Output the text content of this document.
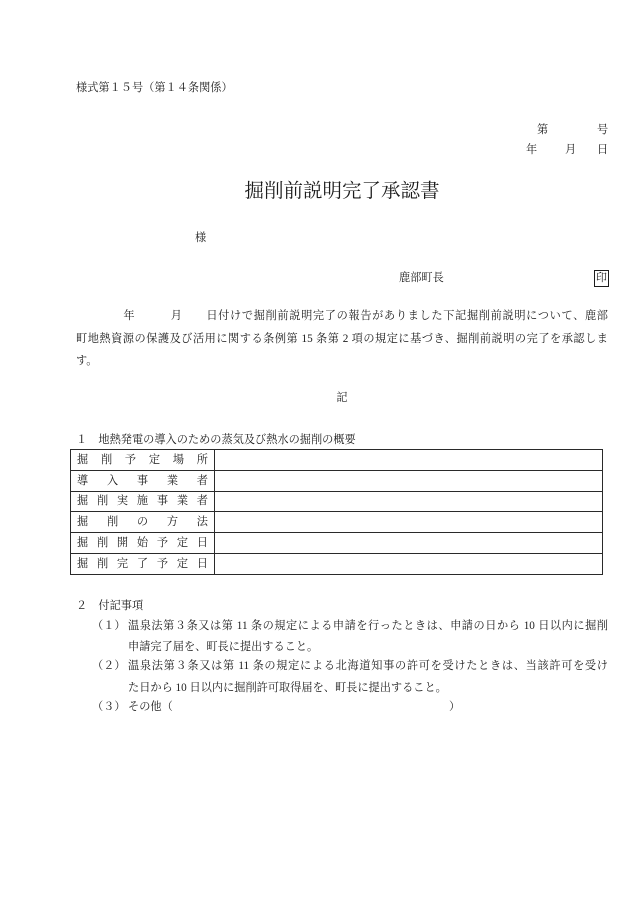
様式第１５号（第１４条関係）
第	号
年 月 日
掘削前説明完了承認書
様
鹿部町長	印
　　　　年　　　月　　日付けで掘削前説明完了の報告がありました下記掘削前説明について、鹿部
町地熱資源の保護及び活用に関する条例第 15 条第 2 項の規定に基づき、掘削前説明の完了を承認しま
す。
記
１　地熱発電の導入のための蒸気及び熱水の掘削の概要
掘削予定場所	

導入事業者	

掘削実施事業者	

掘削の方法	

掘削開始予定日	

掘削完了予定日	

２　付記事項
（１） 温泉法第３条又は第 11 条の規定による申請を行ったときは、申請の日から 10 日以内に掘削
申請完了届を、町長に提出すること。
（２） 温泉法第３条又は第 11 条の規定による北海道知事の許可を受けたときは、当該許可を受け
た日から 10 日以内に掘削許可取得届を、町長に提出すること。
（３） その他（	）
